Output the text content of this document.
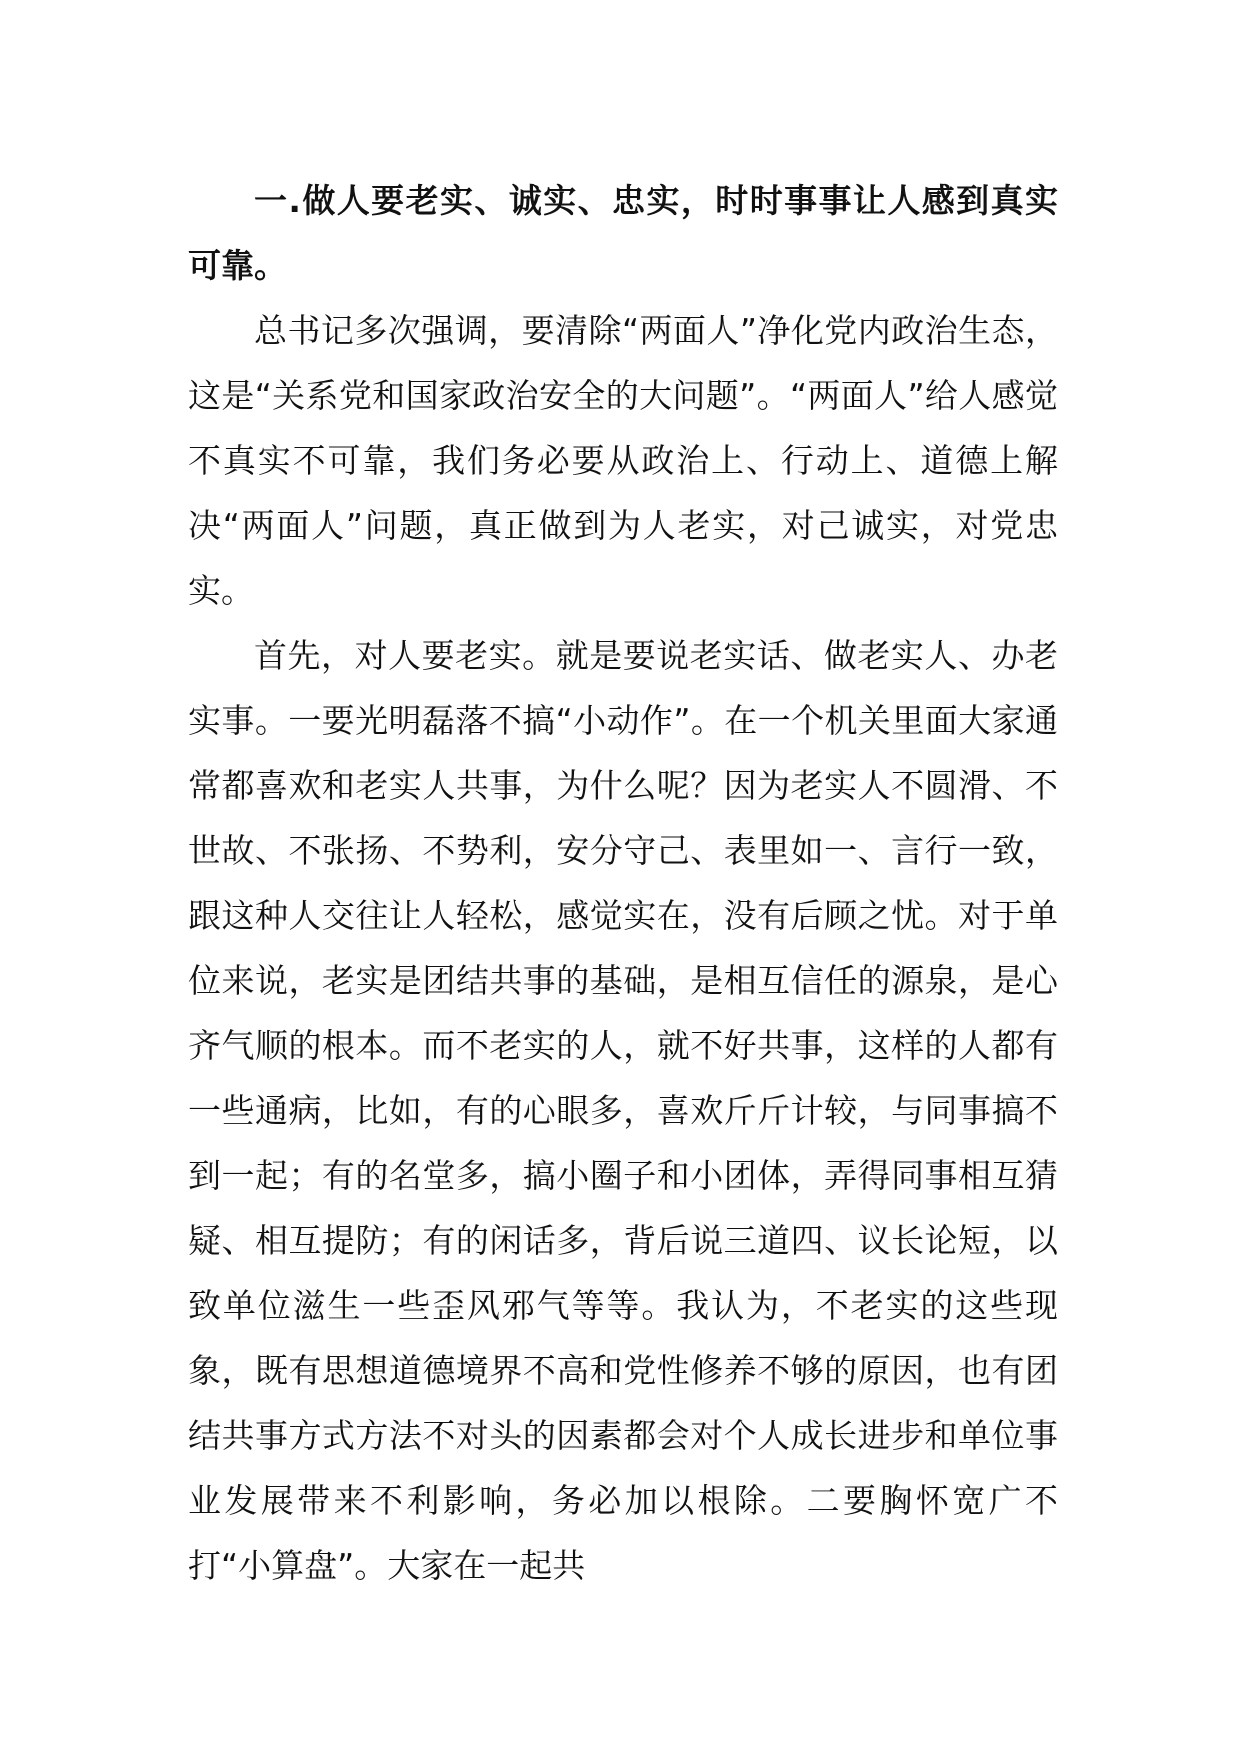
一.做人要老实、诚实、忠实，时时事事让人感到真实可靠。

总书记多次强调，要清除“两面人”净化党内政治生态，这是“关系党和国家政治安全的大问题”。“两面人”给人感觉不真实不可靠，我们务必要从政治上、行动上、道德上解决“两面人”问题，真正做到为人老实，对己诚实，对党忠实。

首先，对人要老实。就是要说老实话、做老实人、办老实事。一要光明磊落不搞“小动作”。在一个机关里面大家通常都喜欢和老实人共事，为什么呢？因为老实人不圆滑、不世故、不张扬、不势利，安分守己、表里如一、言行一致，跟这种人交往让人轻松，感觉实在，没有后顾之忧。对于单位来说，老实是团结共事的基础，是相互信任的源泉，是心齐气顺的根本。而不老实的人，就不好共事，这样的人都有一些通病，比如，有的心眼多，喜欢斤斤计较，与同事搞不到一起；有的名堂多，搞小圈子和小团体，弄得同事相互猜疑、相互提防；有的闲话多，背后说三道四、议长论短，以致单位滋生一些歪风邪气等等。我认为，不老实的这些现象，既有思想道德境界不高和党性修养不够的原因，也有团结共事方式方法不对头的因素都会对个人成长进步和单位事业发展带来不利影响，务必加以根除。二要胸怀宽广不打“小算盘”。大家在一起共
